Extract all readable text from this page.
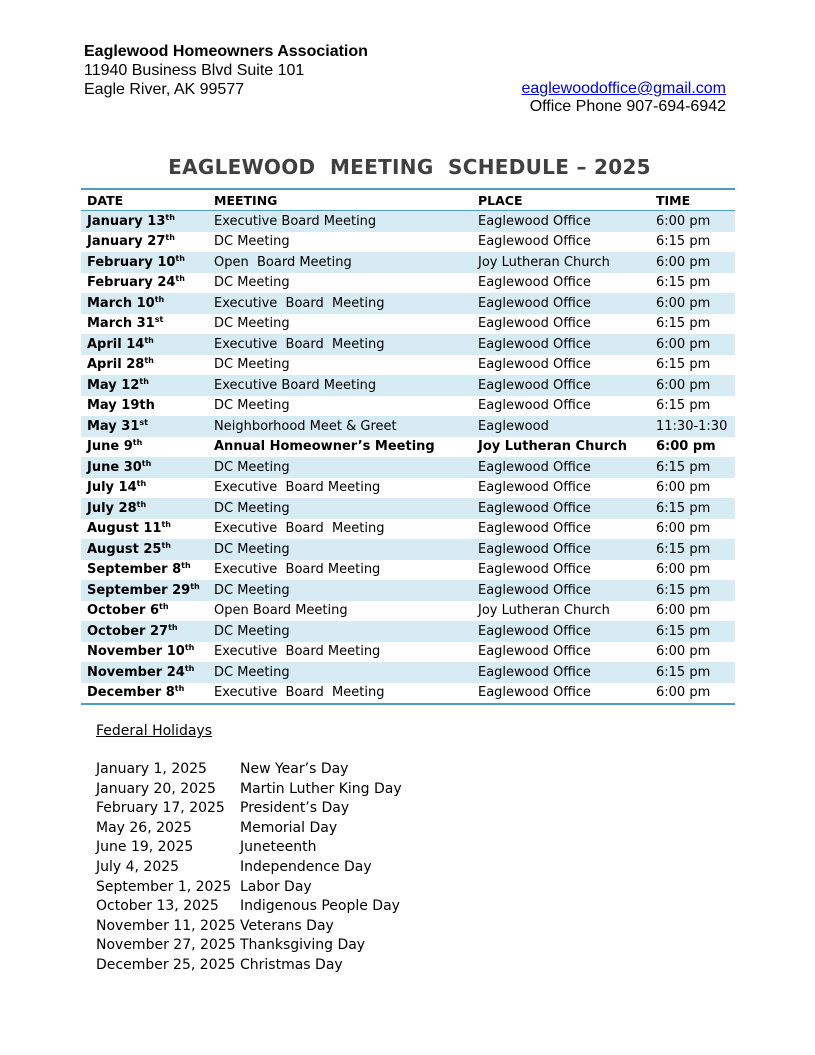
Eaglewood Homeowners Association
11940 Business Blvd Suite 101
Eagle River, AK 99577	eaglewoodoffice@gmail.com
Office Phone 907-694-6942
EAGLEWOOD  MEETING  SCHEDULE – 2025
DATE	MEETING	PLACE	TIME
January 13th	Executive Board Meeting	Eaglewood Office	6:00 pm
January 27th	DC Meeting	Eaglewood Office	6:15 pm
February 10th	Open  Board Meeting	Joy Lutheran Church	6:00 pm
February 24th	DC Meeting	Eaglewood Office	6:15 pm
March 10th	Executive  Board  Meeting	Eaglewood Office	6:00 pm
March 31st	DC Meeting	Eaglewood Office	6:15 pm
April 14th	Executive  Board  Meeting	Eaglewood Office	6:00 pm
April 28th	DC Meeting	Eaglewood Office	6:15 pm
May 12th	Executive Board Meeting	Eaglewood Office	6:00 pm
May 19th	DC Meeting	Eaglewood Office	6:15 pm
May 31st	Neighborhood Meet & Greet	Eaglewood	11:30-1:30
June 9th	Annual Homeowner’s Meeting	Joy Lutheran Church	6:00 pm
June 30th	DC Meeting	Eaglewood Office	6:15 pm
July 14th	Executive  Board Meeting	Eaglewood Office	6:00 pm
July 28th	DC Meeting	Eaglewood Office	6:15 pm
August 11th	Executive  Board  Meeting	Eaglewood Office	6:00 pm
August 25th	DC Meeting	Eaglewood Office	6:15 pm
September 8th	Executive  Board Meeting	Eaglewood Office	6:00 pm
September 29th	DC Meeting	Eaglewood Office	6:15 pm
October 6th	Open Board Meeting	Joy Lutheran Church	6:00 pm
October 27th	DC Meeting	Eaglewood Office	6:15 pm
November 10th	Executive  Board Meeting	Eaglewood Office	6:00 pm
November 24th	DC Meeting	Eaglewood Office	6:15 pm
December 8th	Executive  Board  Meeting	Eaglewood Office	6:00 pm
Federal Holidays
January 1, 2025	New Year’s Day
January 20, 2025	Martin Luther King Day
February 17, 2025	President’s Day
May 26, 2025	Memorial Day
June 19, 2025	Juneteenth
July 4, 2025	Independence Day
September 1, 2025 Labor Day
October 13, 2025	Indigenous People Day
November 11, 2025 Veterans Day
November 27, 2025 Thanksgiving Day
December 25, 2025 Christmas Day
